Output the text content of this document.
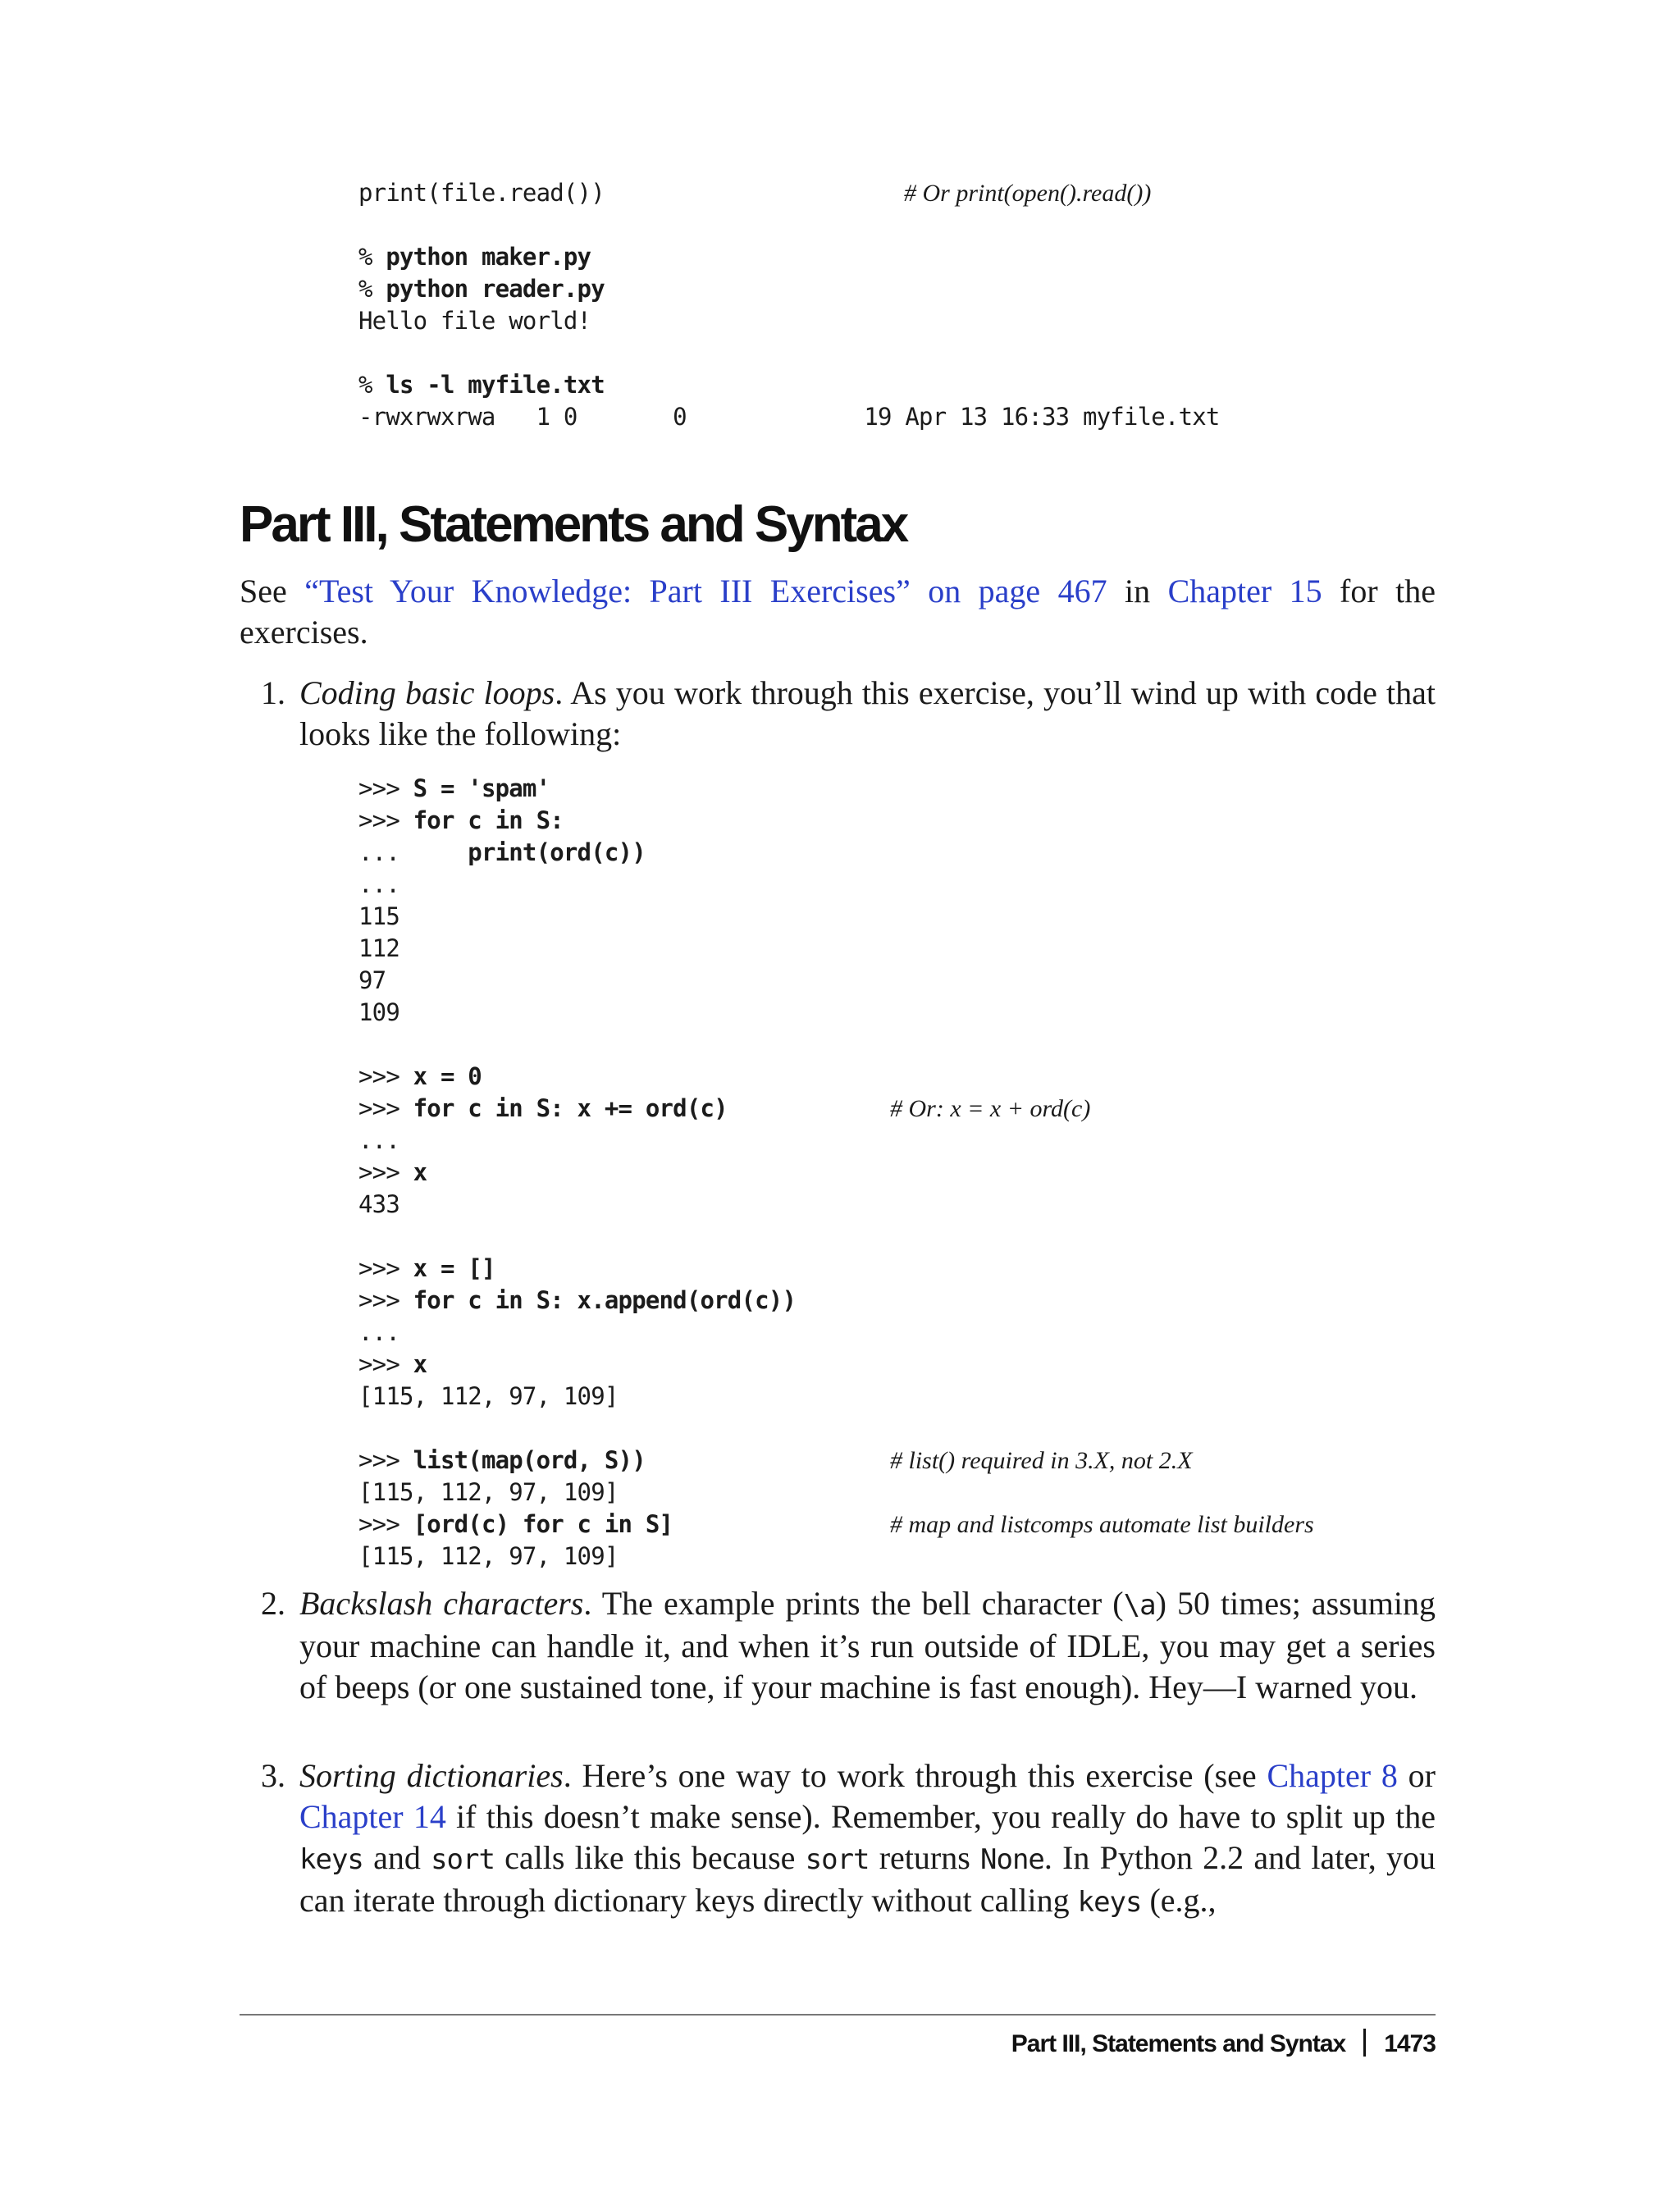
print(file.read())	# Or print(open().read())

% python maker.py
% python reader.py
Hello file world!

% ls -l myfile.txt
-rwxrwxrwa   1 0       0             19 Apr 13 16:33 myfile.txt
Part III, Statements and Syntax

See “Test Your Knowledge: Part III Exercises” on page 467 in Chapter 15 for the exercises.

1. Coding basic loops. As you work through this exercise, you’ll wind up with code that looks like the following:

>>> S = 'spam'
>>> for c in S:
...     print(ord(c))
...
115
112
97
109

>>> x = 0
>>> for c in S: x += ord(c)	# Or: x = x + ord(c)
...
>>> x
433

>>> x = []
>>> for c in S: x.append(ord(c))
...
>>> x
[115, 112, 97, 109]

>>> list(map(ord, S))	# list() required in 3.X, not 2.X
[115, 112, 97, 109]
>>> [ord(c) for c in S]	# map and listcomps automate list builders
[115, 112, 97, 109]
2. Backslash characters. The example prints the bell character (\a) 50 times; assuming your machine can handle it, and when it’s run outside of IDLE, you may get a series of beeps (or one sustained tone, if your machine is fast enough). Hey—I warned you.

3. Sorting dictionaries. Here’s one way to work through this exercise (see Chapter 8 or Chapter 14 if this doesn’t make sense). Remember, you really do have to split up the keys and sort calls like this because sort returns None. In Python 2.2 and later, you can iterate through dictionary keys directly without calling keys (e.g.,

Part III, Statements and Syntax 1473
